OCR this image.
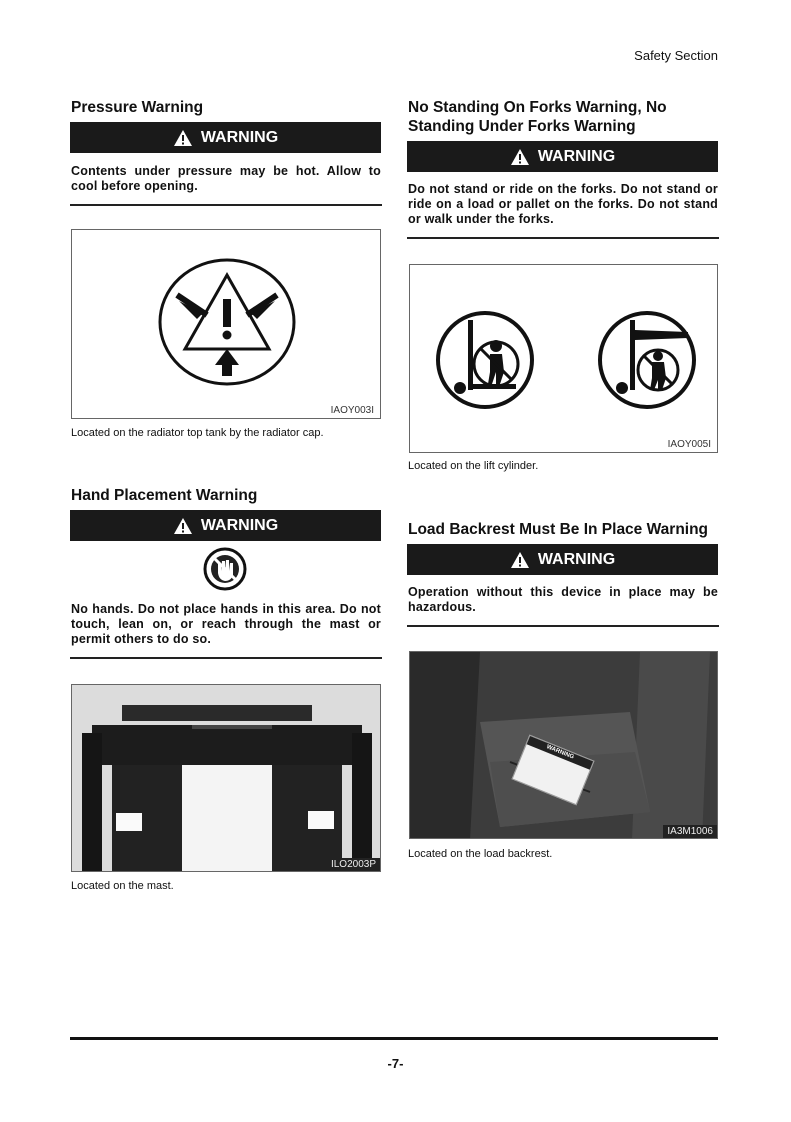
Safety Section
Pressure Warning
WARNING
Contents under pressure may be hot. Allow to cool before opening.
IAOY003I
Located on the radiator top tank by the radiator cap.
Hand Placement Warning
WARNING
No hands. Do not place hands in this area. Do not touch, lean on, or reach through the mast or permit others to do so.
ILO2003P
Located on the mast.
No Standing On Forks Warning, No Standing Under Forks Warning
WARNING
Do not stand or ride on the forks. Do not stand or ride on a load or pallet on the forks. Do not stand or walk under the forks.
IAOY005I
Located on the lift cylinder.
Load Backrest Must Be In Place Warning
WARNING
Operation without this device in place may be hazardous.
WARNING
IA3M1006
Located on the load backrest.
-7-
